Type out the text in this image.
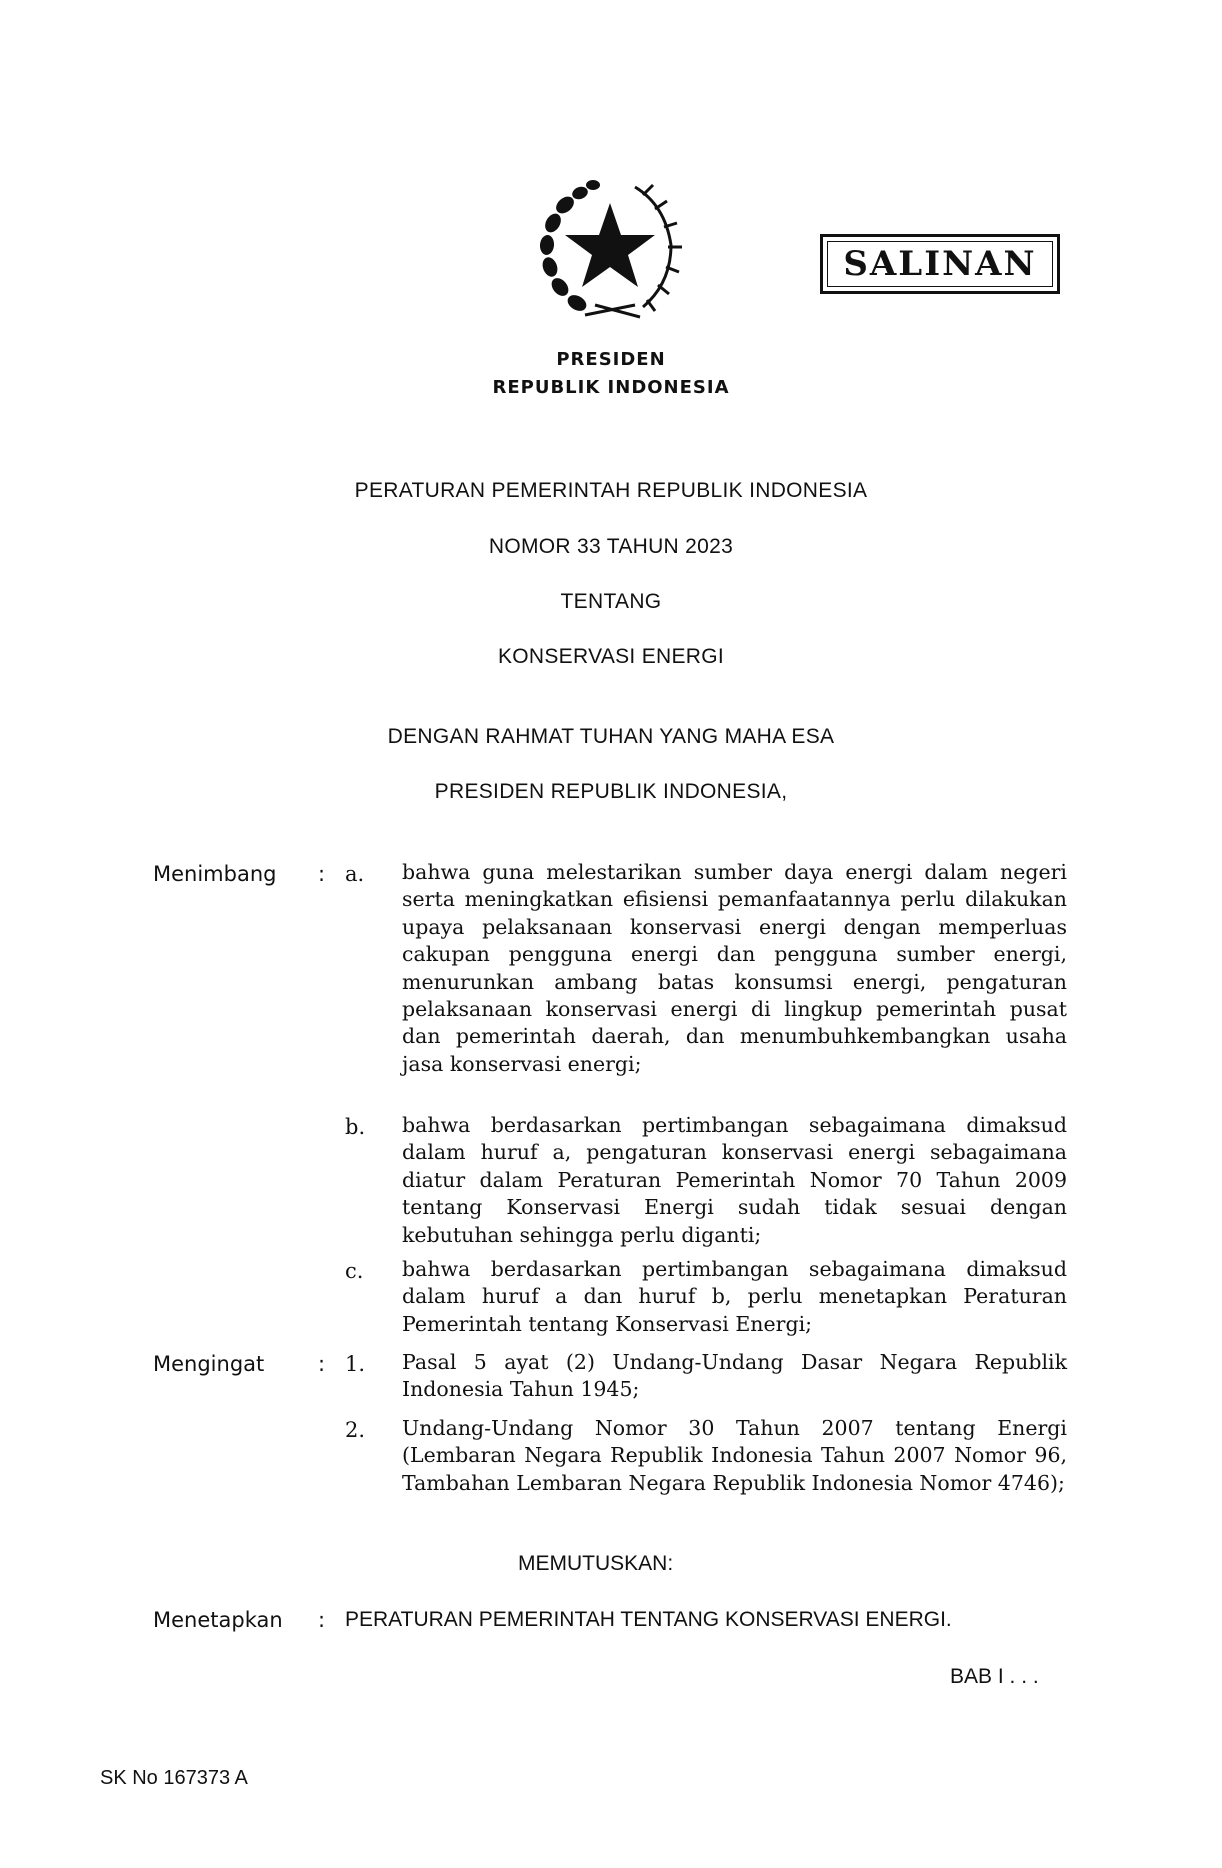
SALINAN
PRESIDEN
REPUBLIK INDONESIA
PERATURAN PEMERINTAH REPUBLIK INDONESIA
NOMOR 33 TAHUN 2023
TENTANG
KONSERVASI ENERGI
DENGAN RAHMAT TUHAN YANG MAHA ESA
PRESIDEN REPUBLIK INDONESIA,
Menimbang : a. bahwa guna melestarikan sumber daya energi dalam negeri serta meningkatkan efisiensi pemanfaatannya perlu dilakukan upaya pelaksanaan konservasi energi dengan memperluas cakupan pengguna energi dan pengguna sumber energi, menurunkan ambang batas konsumsi energi, pengaturan pelaksanaan konservasi energi di lingkup pemerintah pusat dan pemerintah daerah, dan menumbuhkembangkan usaha jasa konservasi energi;

b. bahwa berdasarkan pertimbangan sebagaimana dimaksud dalam huruf a, pengaturan konservasi energi sebagaimana diatur dalam Peraturan Pemerintah Nomor 70 Tahun 2009 tentang Konservasi Energi sudah tidak sesuai dengan kebutuhan sehingga perlu diganti;

c. bahwa berdasarkan pertimbangan sebagaimana dimaksud dalam huruf a dan huruf b, perlu menetapkan Peraturan Pemerintah tentang Konservasi Energi;

Mengingat	: 1. Pasal 5 ayat (2) Undang-Undang Dasar Negara Republik Indonesia Tahun 1945;

2. Undang-Undang Nomor 30 Tahun 2007 tentang Energi (Lembaran Negara Republik Indonesia Tahun 2007 Nomor 96, Tambahan Lembaran Negara Republik Indonesia Nomor 4746);

MEMUTUSKAN:
Menetapkan : PERATURAN PEMERINTAH TENTANG KONSERVASI ENERGI.
BAB I . . .
SK No 167373 A
